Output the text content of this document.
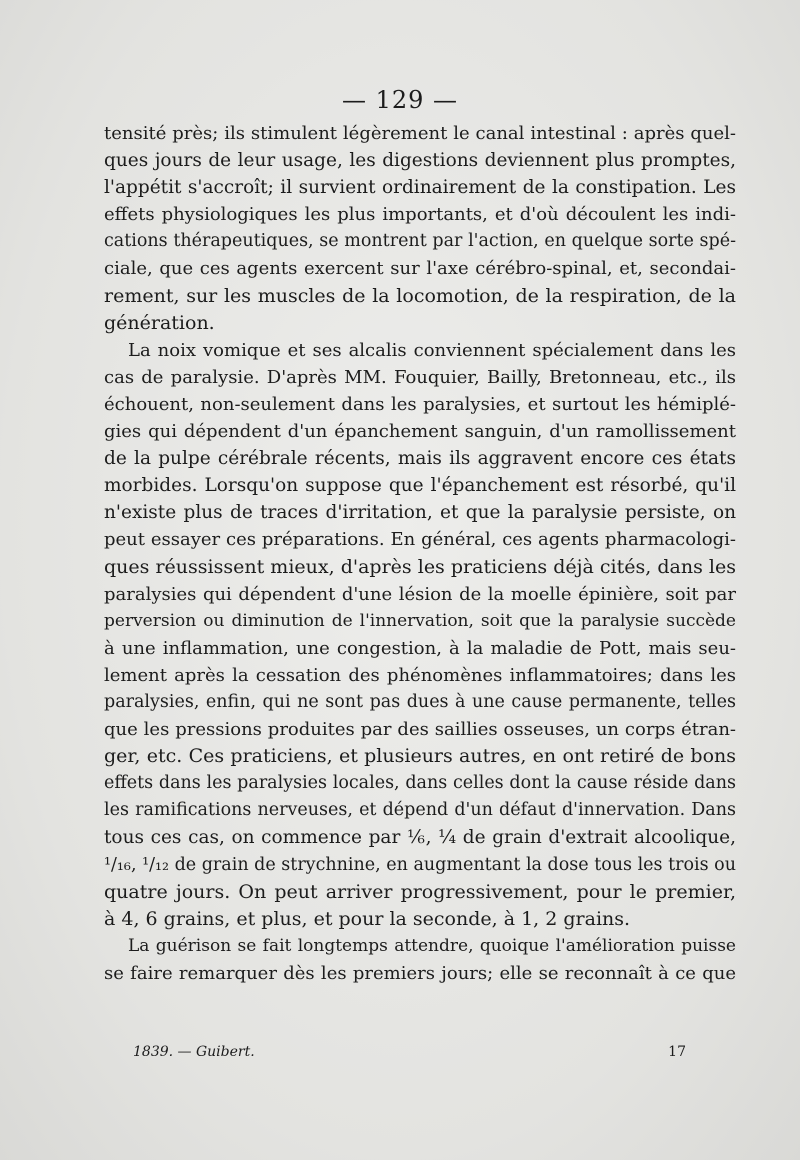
— 129 —
tensité près; ils stimulent légèrement le canal intestinal : après quel-
ques jours de leur usage, les digestions deviennent plus promptes,
l'appétit s'accroît; il survient ordinairement de la constipation. Les
effets physiologiques les plus importants, et d'où découlent les indi-
cations thérapeutiques, se montrent par l'action, en quelque sorte spé-
ciale, que ces agents exercent sur l'axe cérébro-spinal, et, secondai-
rement, sur les muscles de la locomotion, de la respiration, de la
génération.
La noix vomique et ses alcalis conviennent spécialement dans les
cas de paralysie. D'après MM. Fouquier, Bailly, Bretonneau, etc., ils
échouent, non-seulement dans les paralysies, et surtout les hémiplé-
gies qui dépendent d'un épanchement sanguin, d'un ramollissement
de la pulpe cérébrale récents, mais ils aggravent encore ces états
morbides. Lorsqu'on suppose que l'épanchement est résorbé, qu'il
n'existe plus de traces d'irritation, et que la paralysie persiste, on
peut essayer ces préparations. En général, ces agents pharmacologi-
ques réussissent mieux, d'après les praticiens déjà cités, dans les
paralysies qui dépendent d'une lésion de la moelle épinière, soit par
perversion ou diminution de l'innervation, soit que la paralysie succède
à une inflammation, une congestion, à la maladie de Pott, mais seu-
lement après la cessation des phénomènes inflammatoires; dans les
paralysies, enfin, qui ne sont pas dues à une cause permanente, telles
que les pressions produites par des saillies osseuses, un corps étran-
ger, etc. Ces praticiens, et plusieurs autres, en ont retiré de bons
effets dans les paralysies locales, dans celles dont la cause réside dans
les ramifications nerveuses, et dépend d'un défaut d'innervation. Dans
tous ces cas, on commence par ⅙, ¼ de grain d'extrait alcoolique,
¹/₁₆, ¹/₁₂ de grain de strychnine, en augmentant la dose tous les trois ou
quatre jours. On peut arriver progressivement, pour le premier,
à 4, 6 grains, et plus, et pour la seconde, à 1, 2 grains.
La guérison se fait longtemps attendre, quoique l'amélioration puisse
se faire remarquer dès les premiers jours; elle se reconnaît à ce que
1839. — Guibert.	17
